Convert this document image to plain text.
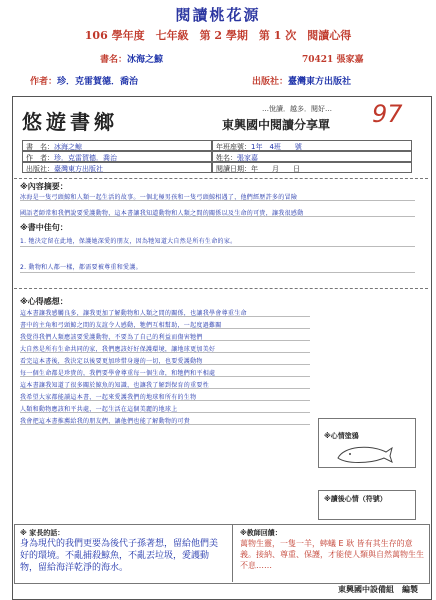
閱讀桃花源
106 學年度　七年級　第 2 學期　第 1 次　閱讀心得
書名：冰海之鯨	70421 張家嘉
作者：珍．克雷賀德．喬治	出版社：臺灣東方出版社
悠遊書鄉
…悅讀．越多．閱好…
東興國中閱讀分享單 97
書　名：冰海之鯨	年班座號：1年　4班　　號
作　者：珍．克雷賀德．喬治	姓名：張家嘉
出版社：臺灣東方出版社	閱讀日期：年　　月　　日
※內容摘要：
冰海是一隻弓頭鯨和人類一起生活的故事。一個北極男孩和一隻弓頭鯨相遇了，他們經歷許多的冒險
國語老師常和我們說要愛護動物，這本書讓我知道動物和人類之間的關係以及生命的可貴，讓我很感動
※書中佳句：
1. 牠決定留在此地，保護她深愛的朋友，因為牠知道大自然是所有生命的家。
2. 動物和人都一樣，都需要被尊重和愛護。
※心得感想：
這本書讓我感觸良多，讓我更加了解動物和人類之間的關係，也讓我學會尊重生命
書中的主角和弓頭鯨之間的友誼令人感動，牠們互相幫助，一起度過難關
我覺得我們人類應該要愛護動物，不要為了自己的利益而傷害牠們
大自然是所有生命共同的家，我們應該好好保護環境，讓地球更加美好
看完這本書後，我決定以後要更加珍惜身邊的一切，也要愛護動物
每一個生命都是珍貴的，我們要學會尊重每一個生命，和牠們和平相處
這本書讓我知道了很多關於鯨魚的知識，也讓我了解到保育的重要性
我希望大家都能讀這本書，一起來愛護我們的地球和所有的生物
人類和動物應該和平共處，一起生活在這個美麗的地球上
我會把這本書推薦給我的朋友們，讓他們也能了解動物的可貴
※心情塗鴉
※讀後心情（符號）
※ 家長的話：
身為現代的我們更要為後代子孫著想，留給他們美好的環境。不亂捕殺鯨魚，不亂丟垃圾，愛護動物，留給海洋乾淨的海水。
※教師回饋：
萬物生靈，一隻一羊，蟀蟻 E 耿 皆有其生存的意義。接納、尊重、保護，才能使人類與自然萬物生生不息……
東興國中設備組　編製
